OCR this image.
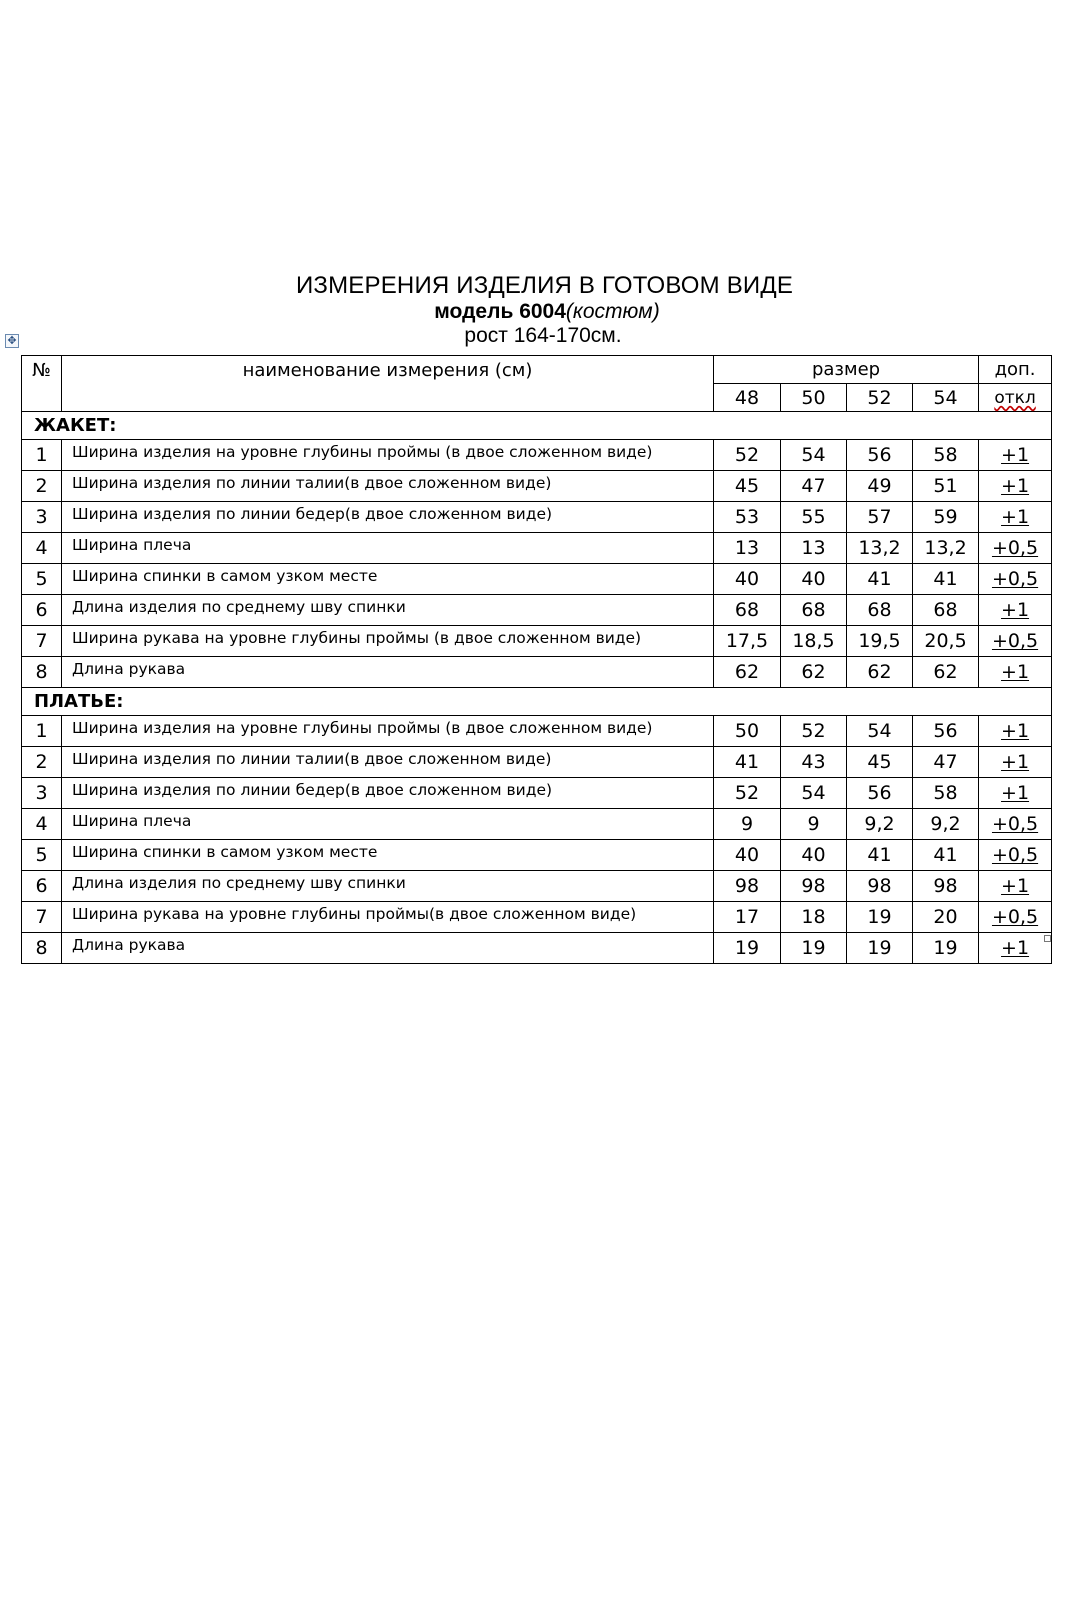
ИЗМЕРЕНИЯ ИЗДЕЛИЯ В ГОТОВОМ ВИДЕ
модель 6004(костюм)
рост 164-170см.
✥
№	наименование измерения (см)	размер				доп.
		48	50	52	54	откл
ЖАКЕТ:						
1	Ширина изделия на уровне глубины проймы (в двое сложенном виде)	52	54	56	58	+1
2	Ширина изделия по линии талии(в двое сложенном виде)	45	47	49	51	+1
3	Ширина изделия по линии бедер(в двое сложенном виде)	53	55	57	59	+1
4	Ширина плеча	13	13	13,2	13,2	+0,5
5	Ширина спинки в самом узком месте	40	40	41	41	+0,5
6	Длина изделия по среднему шву спинки	68	68	68	68	+1
7	Ширина рукава на уровне глубины проймы (в двое сложенном виде)	17,5	18,5	19,5	20,5	+0,5
8	Длина рукава	62	62	62	62	+1
ПЛАТЬЕ:						
1	Ширина изделия на уровне глубины проймы (в двое сложенном виде)	50	52	54	56	+1
2	Ширина изделия по линии талии(в двое сложенном виде)	41	43	45	47	+1
3	Ширина изделия по линии бедер(в двое сложенном виде)	52	54	56	58	+1
4	Ширина плеча	9	9	9,2	9,2	+0,5
5	Ширина спинки в самом узком месте	40	40	41	41	+0,5
6	Длина изделия по среднему шву спинки	98	98	98	98	+1
7	Ширина рукава на уровне глубины проймы(в двое сложенном виде)	17	18	19	20	+0,5
8	Длина рукава	19	19	19	19	+1
